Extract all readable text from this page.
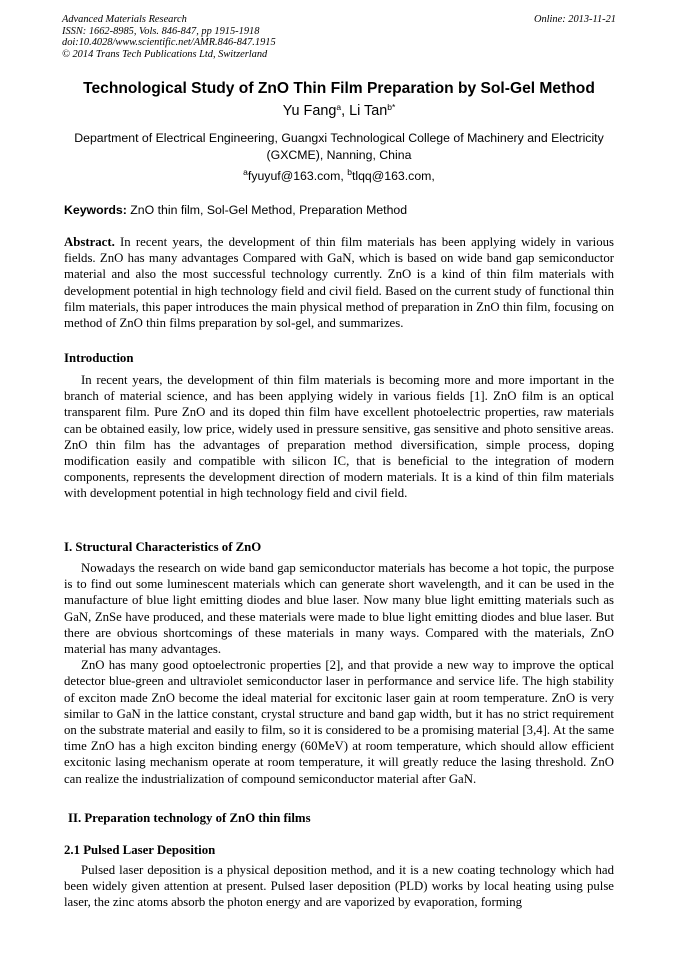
Advanced Materials Research
ISSN: 1662-8985, Vols. 846-847, pp 1915-1918
doi:10.4028/www.scientific.net/AMR.846-847.1915
© 2014 Trans Tech Publications Ltd, Switzerland
Online: 2013-11-21
Technological Study of ZnO Thin Film Preparation by Sol-Gel Method
Yu Fang$^a$, Li Tan$^{b*}$
Department of Electrical Engineering, Guangxi Technological College of Machinery and Electricity (GXCME), Nanning, China
$^a$fyuyuf@163.com, $^b$tlqq@163.com,
Keywords: ZnO thin film, Sol-Gel Method, Preparation Method

Abstract. In recent years, the development of thin film materials has been applying widely in various fields. ZnO has many advantages Compared with GaN, which is based on wide band gap semiconductor material and also the most successful technology currently. ZnO is a kind of thin film materials with development potential in high technology field and civil field. Based on the current study of functional thin film materials, this paper introduces the main physical method of preparation in ZnO thin film, focusing on method of ZnO thin films preparation by sol-gel, and summarizes.

Introduction

In recent years, the development of thin film materials is becoming more and more important in the branch of material science, and has been applying widely in various fields [1]. ZnO film is an optical transparent film. Pure ZnO and its doped thin film have excellent photoelectric properties, raw materials can be obtained easily, low price, widely used in pressure sensitive, gas sensitive and photo sensitive areas. ZnO thin film has the advantages of preparation method diversification, simple process, doping modification easily and compatible with silicon IC, that is beneficial to the integration of modern components, represents the development direction of modern materials. It is a kind of thin film materials with development potential in high technology field and civil field.

I. Structural Characteristics of ZnO

Nowadays the research on wide band gap semiconductor materials has become a hot topic, the purpose is to find out some luminescent materials which can generate short wavelength, and it can be used in the manufacture of blue light emitting diodes and blue laser. Now many blue light emitting materials such as GaN, ZnSe have produced, and these materials were made to blue light emitting diodes and blue laser. But there are obvious shortcomings of these materials in many ways. Compared with the materials, ZnO material has many advantages.

ZnO has many good optoelectronic properties [2], and that provide a new way to improve the optical detector blue-green and ultraviolet semiconductor laser in performance and service life. The high stability of exciton made ZnO become the ideal material for excitonic laser gain at room temperature. ZnO is very similar to GaN in the lattice constant, crystal structure and band gap width, but it has no strict requirement on the substrate material and easily to film, so it is considered to be a promising material [3,4]. At the same time ZnO has a high exciton binding energy (60MeV) at room temperature, which should allow efficient excitonic lasing mechanism operate at room temperature, it will greatly reduce the lasing threshold. ZnO can realize the industrialization of compound semiconductor material after GaN.

II. Preparation technology of ZnO thin films
2.1 Pulsed Laser Deposition

Pulsed laser deposition is a physical deposition method, and it is a new coating technology which had been widely given attention at present. Pulsed laser deposition (PLD) works by local heating using pulse laser, the zinc atoms absorb the photon energy and are vaporized by evaporation, forming
